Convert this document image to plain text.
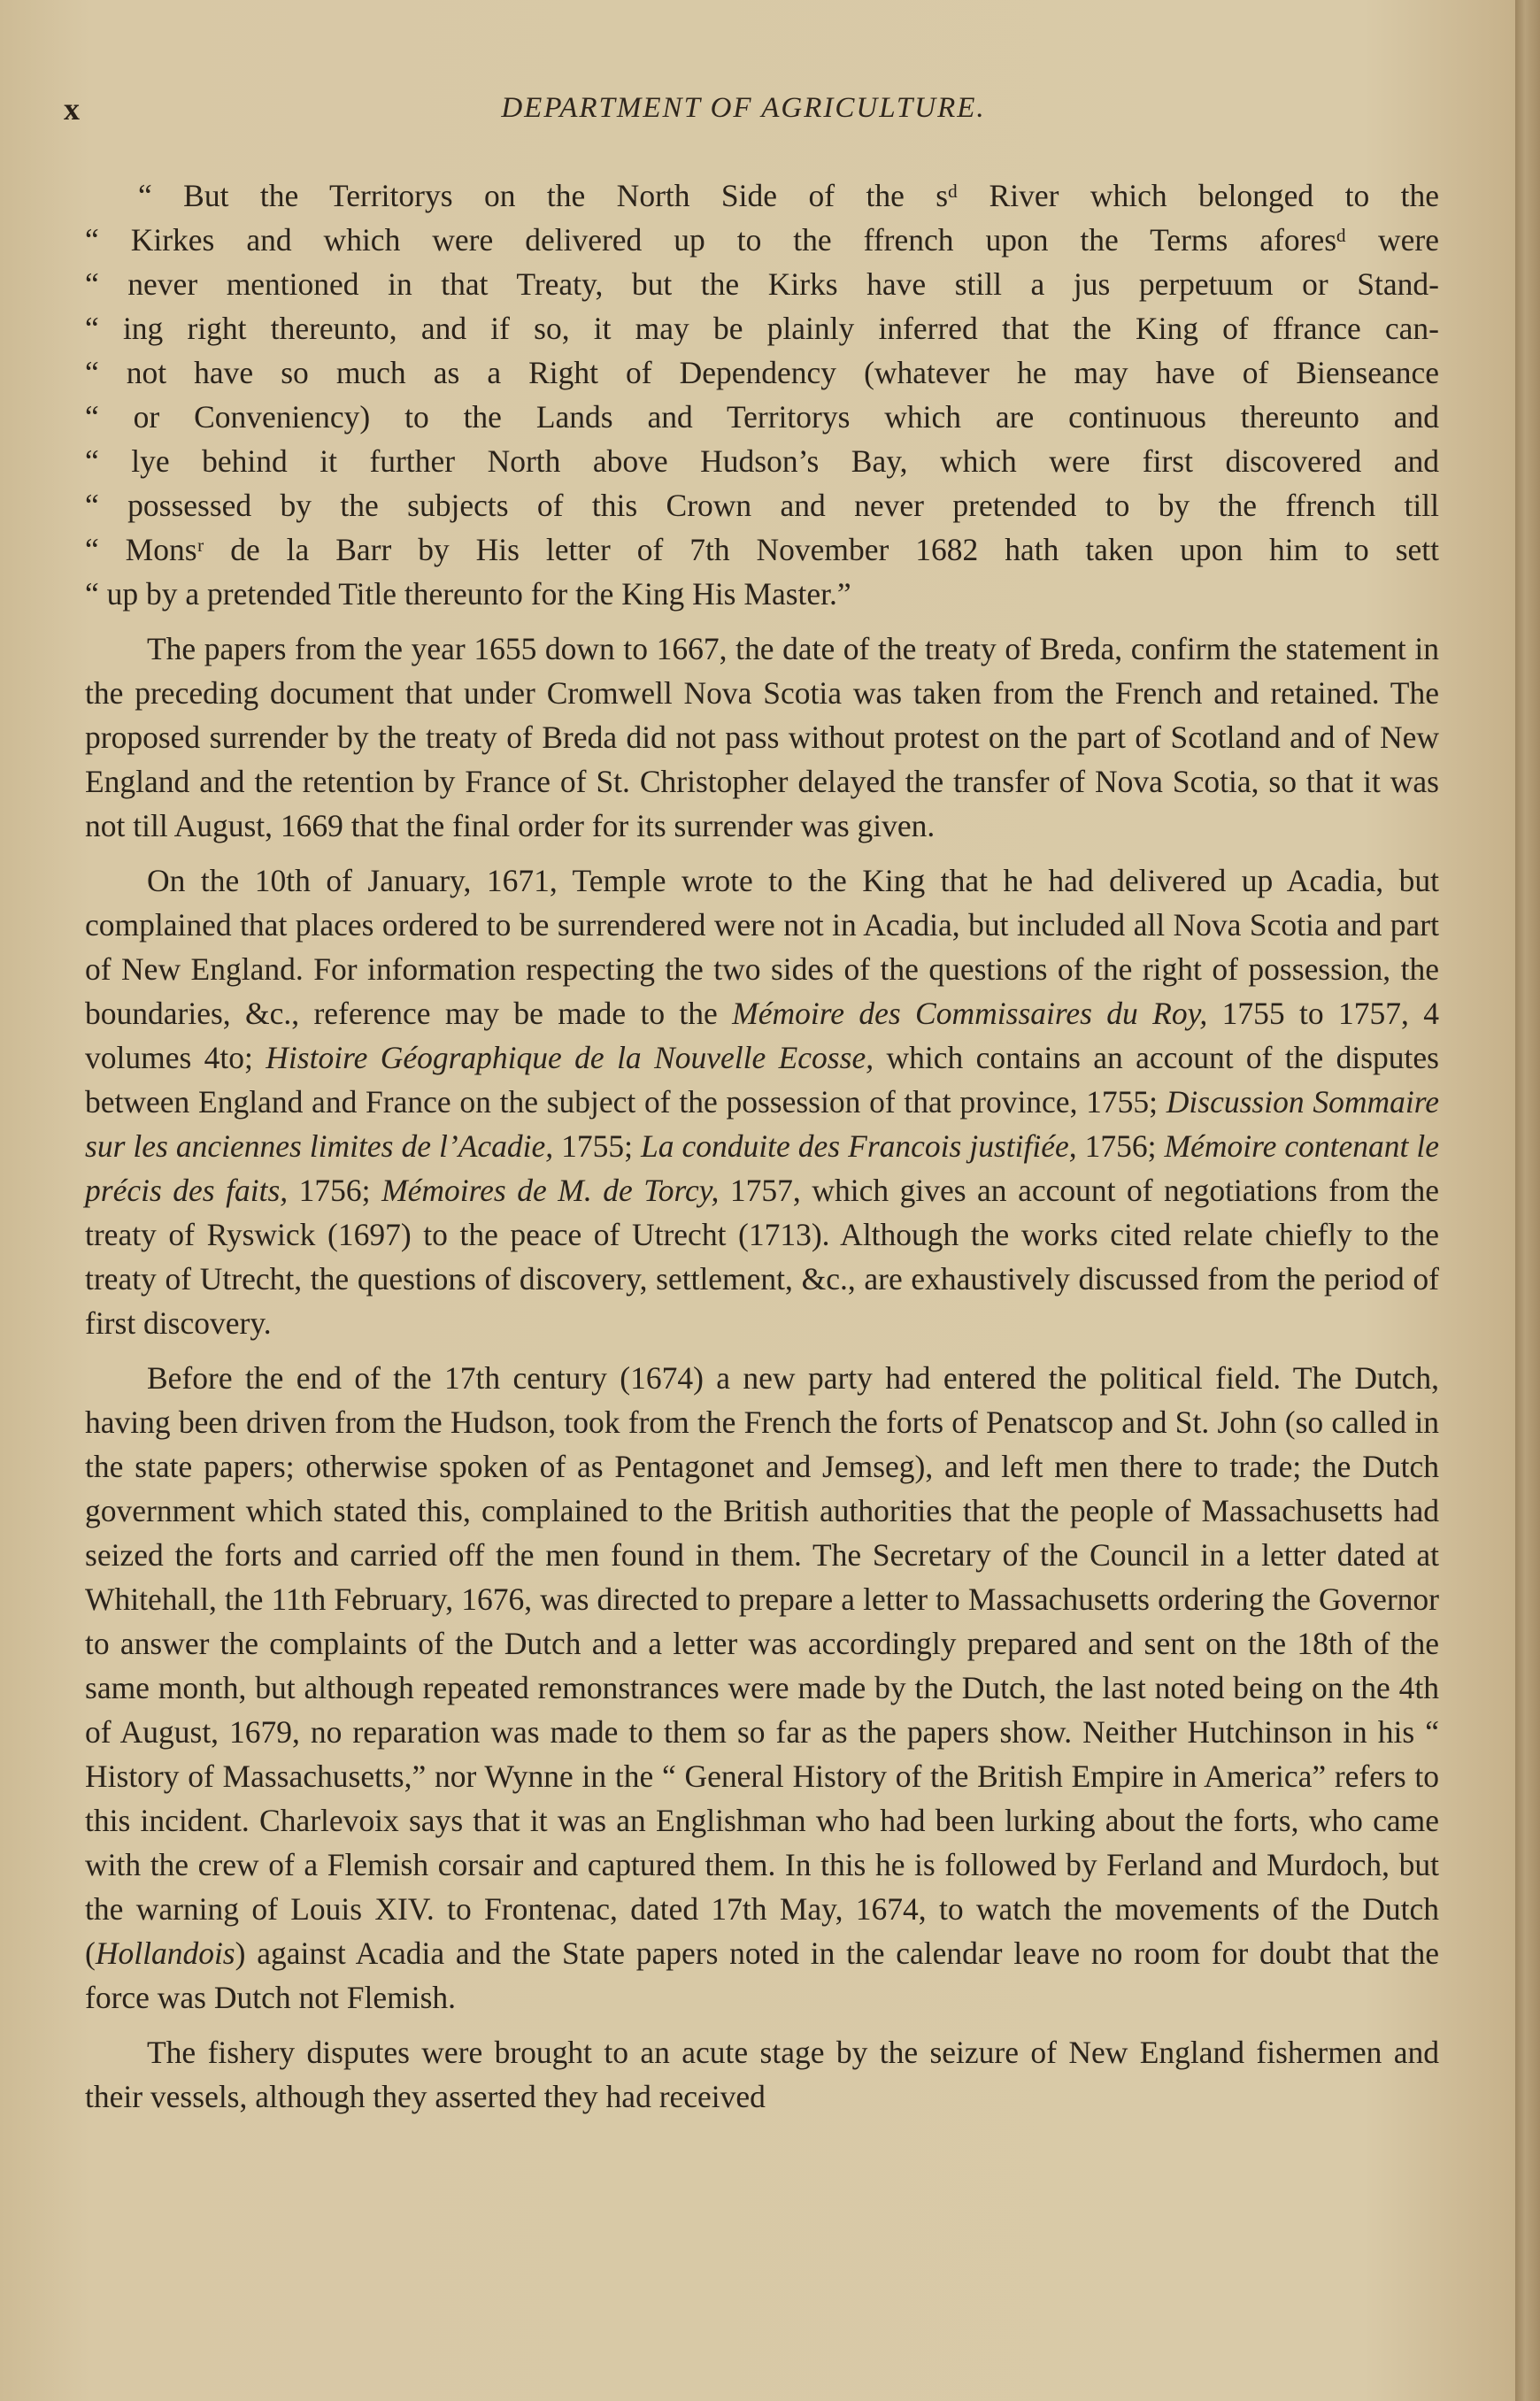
x	DEPARTMENT OF AGRICULTURE.

“ But the Territorys on the North Side of the sᵈ River which belonged to the

“ Kirkes and which were delivered up to the ffrench upon the Terms aforesᵈ were

“ never mentioned in that Treaty, but the Kirks have still a jus perpetuum or Stand-

“ ing right thereunto, and if so, it may be plainly inferred that the King of ffrance can-

“ not have so much as a Right of Dependency (whatever he may have of Bienseance

“ or Conveniency) to the Lands and Territorys which are continuous thereunto and

“ lye behind it further North above Hudson’s Bay, which were first discovered and

“ possessed by the subjects of this Crown and never pretended to by the ffrench till

“ Monsʳ de la Barr by His letter of 7th November 1682 hath taken upon him to sett

“ up by a pretended Title thereunto for the King His Master.”

The papers from the year 1655 down to 1667, the date of the treaty of Breda, confirm the statement in the preceding document that under Cromwell Nova Scotia was taken from the French and retained. The proposed surrender by the treaty of Breda did not pass without protest on the part of Scotland and of New England and the retention by France of St. Christopher delayed the transfer of Nova Scotia, so that it was not till August, 1669 that the final order for its surrender was given.

On the 10th of January, 1671, Temple wrote to the King that he had delivered up Acadia, but complained that places ordered to be surrendered were not in Acadia, but included all Nova Scotia and part of New England. For information respecting the two sides of the questions of the right of possession, the boundaries, &c., reference may be made to the Mémoire des Commissaires du Roy, 1755 to 1757, 4 volumes 4to; Histoire Géographique de la Nouvelle Ecosse, which contains an account of the disputes between England and France on the subject of the possession of that province, 1755; Discussion Sommaire sur les anciennes limites de l’Acadie, 1755; La conduite des Francois justifiée, 1756; Mémoire contenant le précis des faits, 1756; Mémoires de M. de Torcy, 1757, which gives an account of negotiations from the treaty of Ryswick (1697) to the peace of Utrecht (1713). Although the works cited relate chiefly to the treaty of Utrecht, the questions of discovery, settlement, &c., are exhaustively discussed from the period of first discovery.

Before the end of the 17th century (1674) a new party had entered the political field. The Dutch, having been driven from the Hudson, took from the French the forts of Penatscop and St. John (so called in the state papers; otherwise spoken of as Pentagonet and Jemseg), and left men there to trade; the Dutch government which stated this, complained to the British authorities that the people of Massachusetts had seized the forts and carried off the men found in them. The Secretary of the Council in a letter dated at Whitehall, the 11th February, 1676, was directed to prepare a letter to Massachusetts ordering the Governor to answer the complaints of the Dutch and a letter was accordingly prepared and sent on the 18th of the same month, but although repeated remonstrances were made by the Dutch, the last noted being on the 4th of August, 1679, no reparation was made to them so far as the papers show. Neither Hutchinson in his “ History of Massachusetts,” nor Wynne in the “ General History of the British Empire in America” refers to this incident. Charlevoix says that it was an Englishman who had been lurking about the forts, who came with the crew of a Flemish corsair and captured them. In this he is followed by Ferland and Murdoch, but the warning of Louis XIV. to Frontenac, dated 17th May, 1674, to watch the movements of the Dutch (Hollandois) against Acadia and the State papers noted in the calendar leave no room for doubt that the force was Dutch not Flemish.

The fishery disputes were brought to an acute stage by the seizure of New England fishermen and their vessels, although they asserted they had received
